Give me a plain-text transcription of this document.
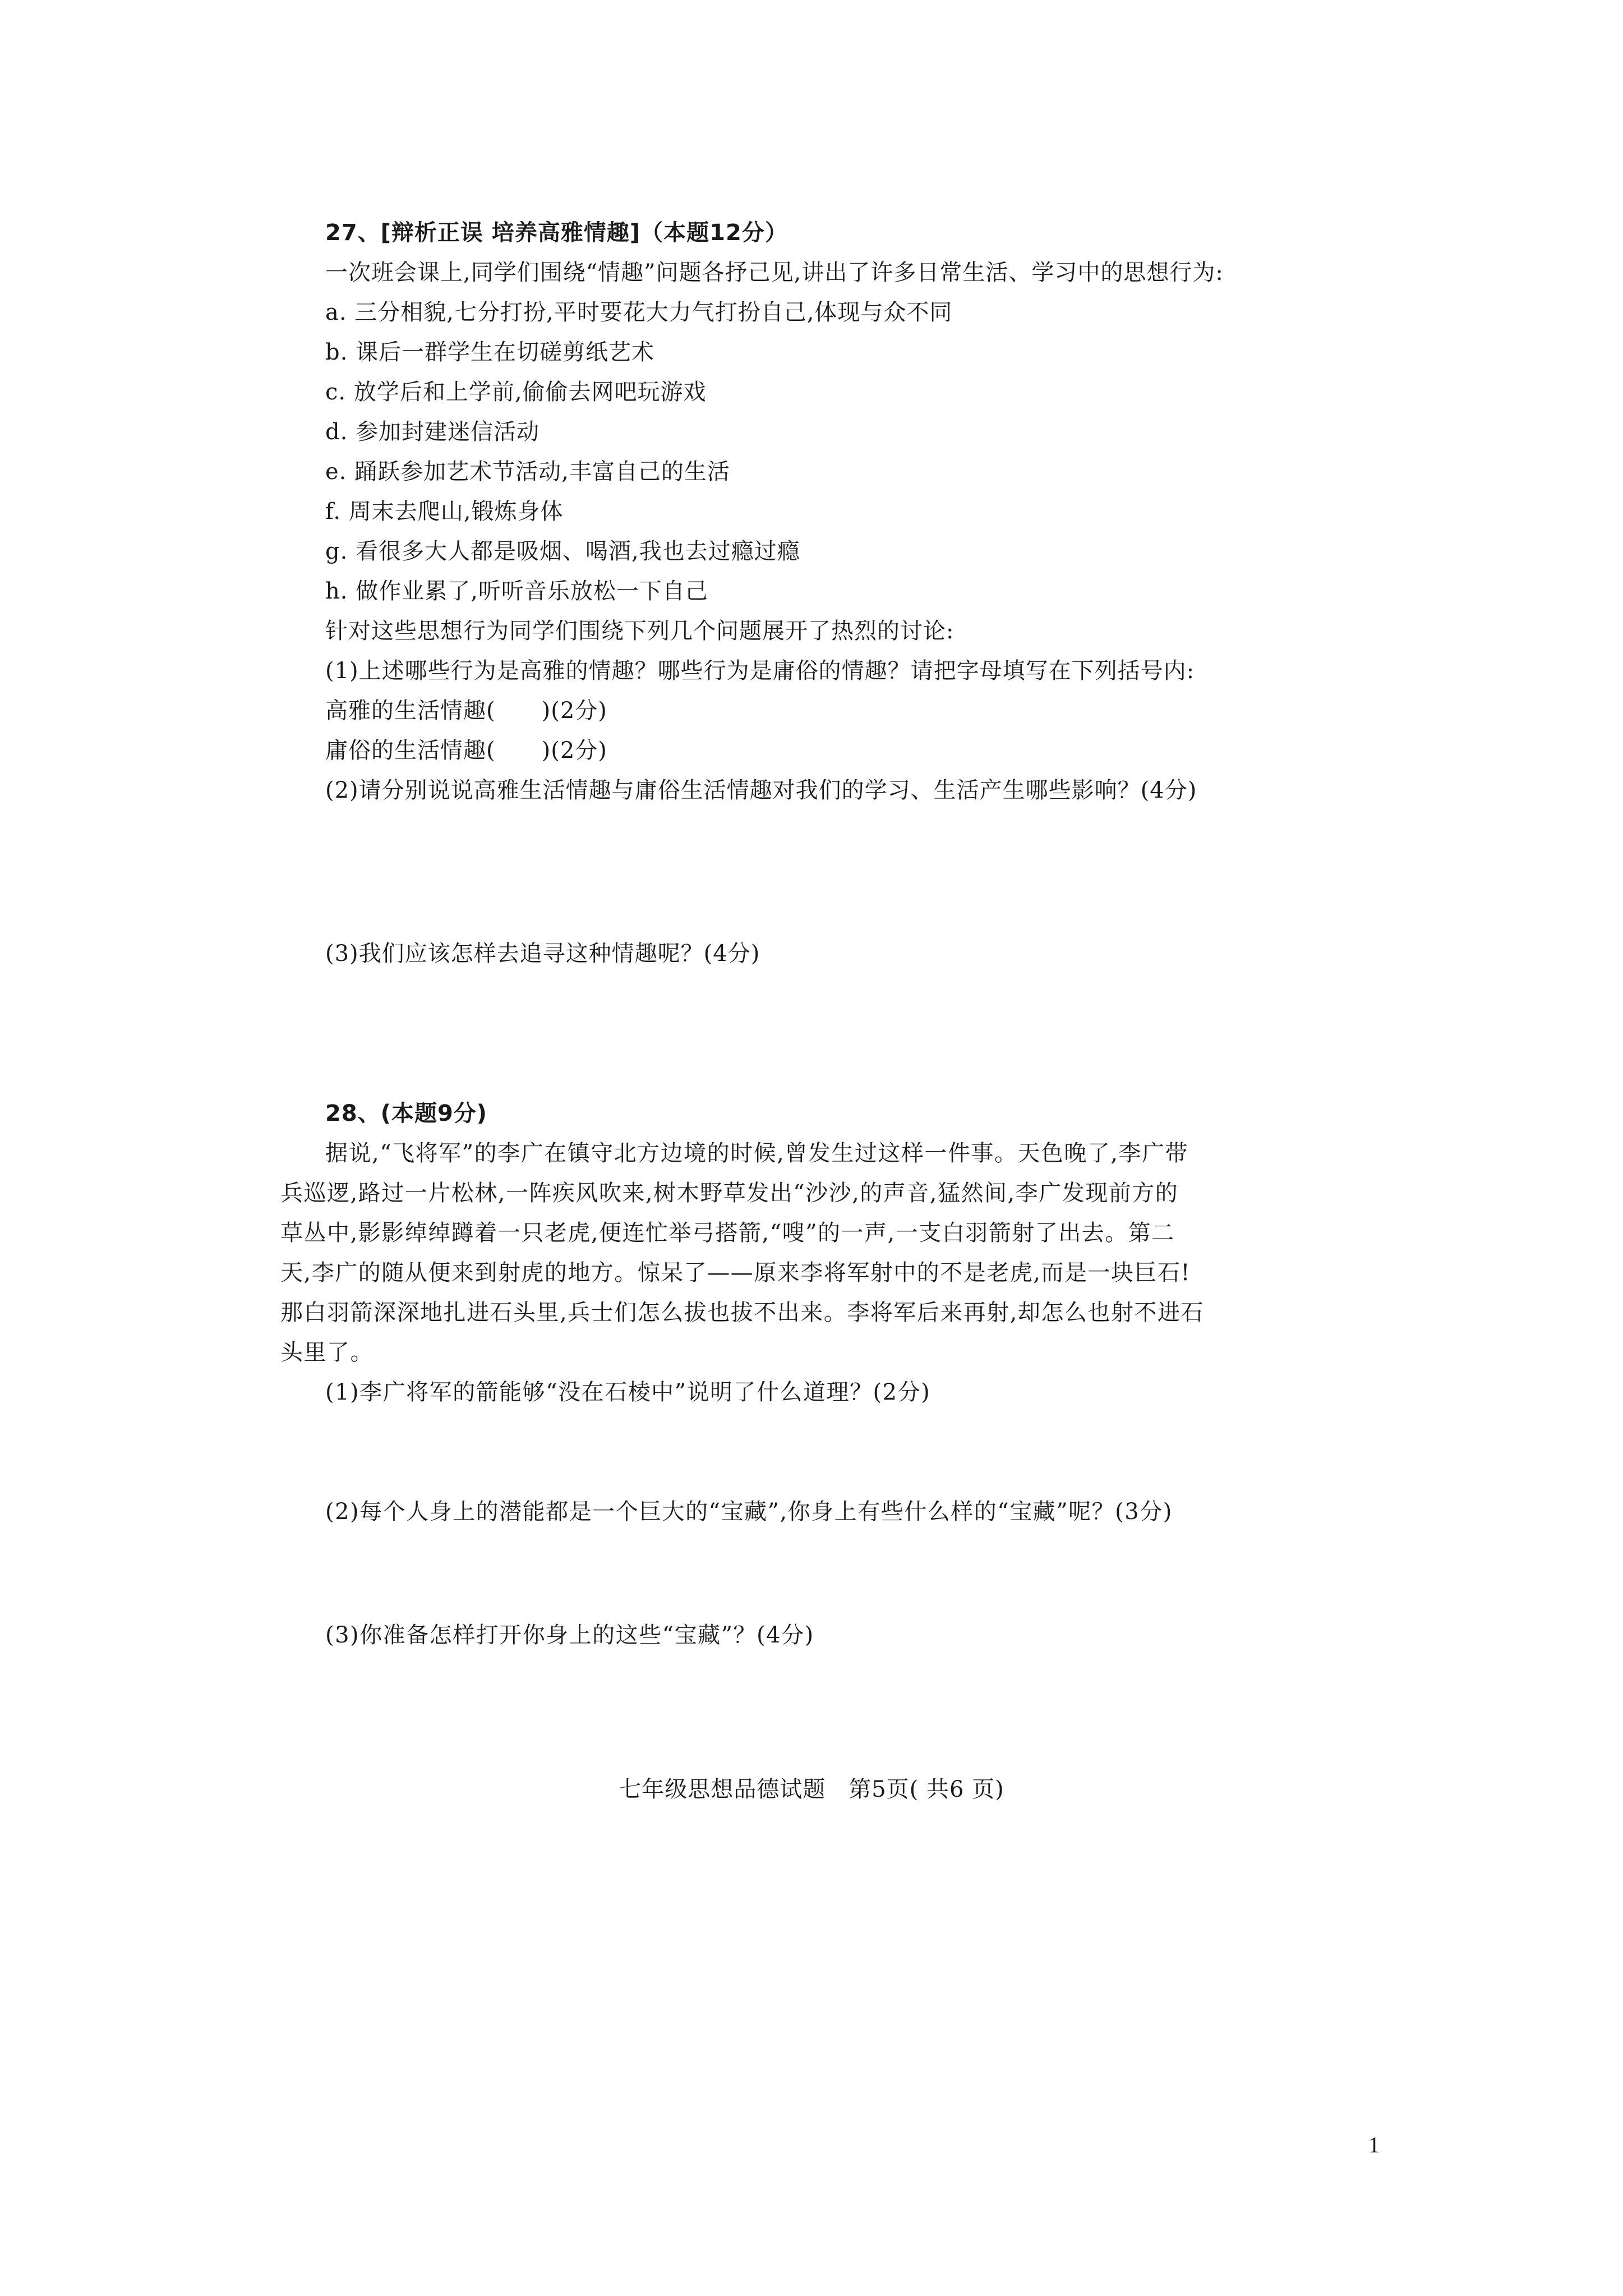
27、[辩析正误 培养高雅情趣]（本题12分）
一次班会课上,同学们围绕“情趣”问题各抒己见,讲出了许多日常生活、学习中的思想行为:
a. 三分相貌,七分打扮,平时要花大力气打扮自己,体现与众不同
b. 课后一群学生在切磋剪纸艺术
c. 放学后和上学前,偷偷去网吧玩游戏
d. 参加封建迷信活动
e. 踊跃参加艺术节活动,丰富自己的生活
f. 周末去爬山,锻炼身体
g. 看很多大人都是吸烟、喝酒,我也去过瘾过瘾
h. 做作业累了,听听音乐放松一下自己
针对这些思想行为同学们围绕下列几个问题展开了热烈的讨论:
(1)上述哪些行为是高雅的情趣？哪些行为是庸俗的情趣？请把字母填写在下列括号内:
高雅的生活情趣(　　)(2分)
庸俗的生活情趣(　　)(2分)
(2)请分别说说高雅生活情趣与庸俗生活情趣对我们的学习、生活产生哪些影响？(4分)
(3)我们应该怎样去追寻这种情趣呢？(4分)
28、(本题9分)
据说,“飞将军”的李广在镇守北方边境的时候,曾发生过这样一件事。天色晚了,李广带
兵巡逻,路过一片松林,一阵疾风吹来,树木野草发出“沙沙,的声音,猛然间,李广发现前方的
草丛中,影影绰绰蹲着一只老虎,便连忙举弓搭箭,“嗖”的一声,一支白羽箭射了出去。第二
天,李广的随从便来到射虎的地方。惊呆了——原来李将军射中的不是老虎,而是一块巨石!
那白羽箭深深地扎进石头里,兵士们怎么拔也拔不出来。李将军后来再射,却怎么也射不进石
头里了。
(1)李广将军的箭能够“没在石棱中”说明了什么道理？(2分)
(2)每个人身上的潜能都是一个巨大的“宝藏”,你身上有些什么样的“宝藏”呢？(3分)
(3)你准备怎样打开你身上的这些“宝藏”？(4分)
七年级思想品德试题　第5页( 共6 页)
1
